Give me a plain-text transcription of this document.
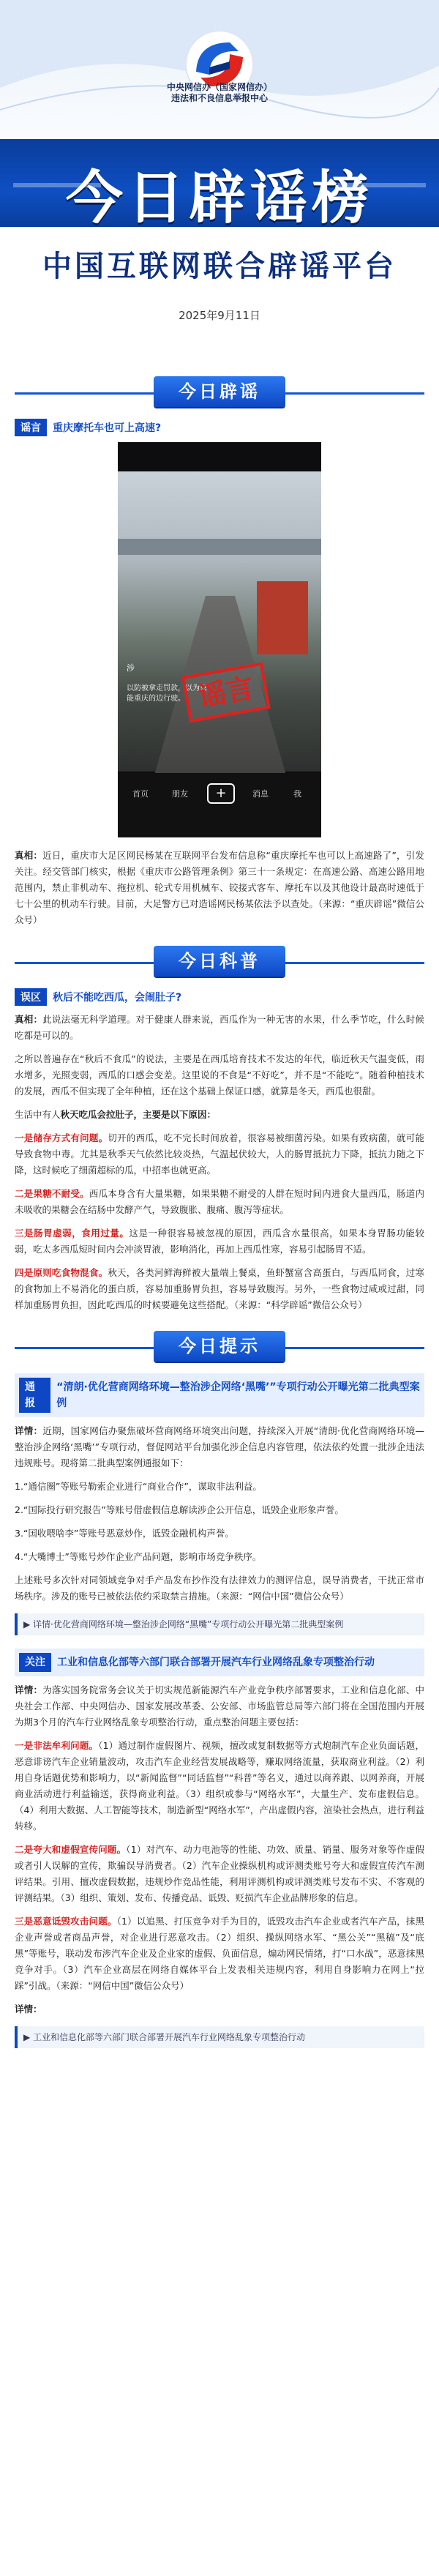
中央网信办（国家网信办）
违法和不良信息举报中心
今日辟谣榜
中国互联网联合辟谣平台
2025年9月11日
今日辟谣
谣言	重庆摩托车也可上高速?
涉
以防被拿走罚款，以为只能重庆的边行驶。 谣言
首页	朋友	+	消息	我

真相：近日，重庆市大足区网民杨某在互联网平台发布信息称“重庆摩托车也可以上高速路了”，引发关注。经交管部门核实，根据《重庆市公路管理条例》第三十一条规定：在高速公路、高速公路用地范围内，禁止非机动车、拖拉机、轮式专用机械车、铰接式客车、摩托车以及其他设计最高时速低于七十公里的机动车行驶。目前，大足警方已对造谣网民杨某依法予以查处。（来源：“重庆辟谣”微信公众号）

今日科普
误区	秋后不能吃西瓜，会闹肚子?

真相：此说法毫无科学道理。对于健康人群来说，西瓜作为一种无害的水果，什么季节吃，什么时候吃都是可以的。

之所以普遍存在“秋后不食瓜”的说法，主要是在西瓜培育技术不发达的年代，临近秋天气温变低，雨水增多，光照变弱，西瓜的口感会变差。这里说的不食是“不好吃”，并不是“不能吃”。随着种植技术的发展，西瓜不但实现了全年种植，还在这个基础上保证口感，就算是冬天，西瓜也很甜。

生活中有人秋天吃瓜会拉肚子，主要是以下原因：

一是储存方式有问题。切开的西瓜，吃不完长时间放着，很容易被细菌污染。如果有致病菌，就可能导致食物中毒。尤其是秋季天气依然比较炎热，气温起伏较大，人的肠胃抵抗力下降，抵抗力随之下降，这时候吃了细菌超标的瓜，中招率也就更高。

二是果糖不耐受。西瓜本身含有大量果糖，如果果糖不耐受的人群在短时间内进食大量西瓜，肠道内未吸收的果糖会在结肠中发酵产气，导致腹胀、腹痛、腹泻等症状。

三是肠胃虚弱，食用过量。这是一种很容易被忽视的原因，西瓜含水量很高，如果本身胃肠功能较弱，吃太多西瓜短时间内会冲淡胃液，影响消化，再加上西瓜性寒，容易引起肠胃不适。

四是原则吃食物混食。秋天，各类河鲜海鲜被大量端上餐桌，鱼虾蟹富含高蛋白，与西瓜同食，过寒的食物加上不易消化的蛋白质，容易加重肠胃负担，容易导致腹泻。另外，一些食物过咸或过甜，同样加重肠胃负担，因此吃西瓜的时候要避免这些搭配。（来源：“科学辟谣”微信公众号）

今日提示
通报
“清朗·优化营商网络环境—整治涉企网络‘黑嘴’”专项行动公开曝光第二批典型案例

详情：近期，国家网信办聚焦破坏营商网络环境突出问题，持续深入开展“清朗·优化营商网络环境—整治涉企网络‘黑嘴’”专项行动，督促网站平台加强化涉企信息内容管理，依法依约处置一批涉企违法违规账号。现将第二批典型案例通报如下：

1.“通信圈”等账号勒索企业进行“商业合作”，谋取非法利益。

2.“国际投行研究报告”等账号借虚假信息解读涉企公开信息，诋毁企业形象声誉。

3.“国收喂啥李”等账号恶意炒作，诋毁金融机构声誉。

4.“大嘴博士”等账号炒作企业产品问题，影响市场竞争秩序。

上述账号多次针对同领域竞争对手产品发布抄作没有法律效力的测评信息，误导消费者，干扰正常市场秩序。涉及的账号已被依法依约采取禁言措施。（来源：“网信中国”微信公众号）

▶ 详情·优化营商网络环境—整治涉企网络“黑嘴”专项行动公开曝光第二批典型案例
关注	工业和信息化部等六部门联合部署开展汽车行业网络乱象专项整治行动

详情：为落实国务院常务会议关于切实规范新能源汽车产业竞争秩序部署要求，工业和信息化部、中央社会工作部、中央网信办、国家发展改革委、公安部、市场监管总局等六部门将在全国范围内开展为期3个月的汽车行业网络乱象专项整治行动，重点整治问题主要包括：

一是非法牟利问题。（1）通过制作虚假图片、视频，擅改或复制数据等方式炮制汽车企业负面话题，恶意诽谤汽车企业销量波动，攻击汽车企业经营发展战略等，赚取网络流量，获取商业利益。（2）利用自身话题优势和影响力，以“新闻监督”“同话监督”“科普”等名义，通过以商养跟、以网养商，开展商业活动进行利益输送，获得商业利益。（3）组织或参与“网络水军”，大量生产、发布虚假信息。（4）利用大数据、人工智能等技术，制造新型“网络水军”，产出虚假内容，渲染社会热点，进行利益转移。

二是夸大和虚假宣传问题。（1）对汽车、动力电池等的性能、功效、质量、销量、服务对象等作虚假或者引人误解的宣传，欺骗误导消费者。（2）汽车企业操纵机构或评测类账号夸大和虚假宣传汽车测评结果。引用、擅改虚假数据，违规炒作竞品性能，利用评测机构或评测类账号发布不实、不客观的评测结果。（3）组织、策划、发布、传播竞品、诋毁、贬损汽车企业品牌形象的信息。

三是恶意诋毁攻击问题。（1）以追黑、打压竞争对手为目的，诋毁攻击汽车企业或者汽车产品，抹黑企业声誉或者商品声誉，对企业进行恶意攻击。（2）组织、操纵网络水军、“黑公关”“黑稿”及“底黑”等账号，联动发布涉汽车企业及企业家的虚假、负面信息，煽动网民情绪，打“口水战”，恶意抹黑竞争对手。（3）汽车企业高层在网络自媒体平台上发表相关违规内容，利用自身影响力在网上“拉踩”引战。（来源：“网信中国”微信公众号）

详情：

▶ 工业和信息化部等六部门联合部署开展汽车行业网络乱象专项整治行动
